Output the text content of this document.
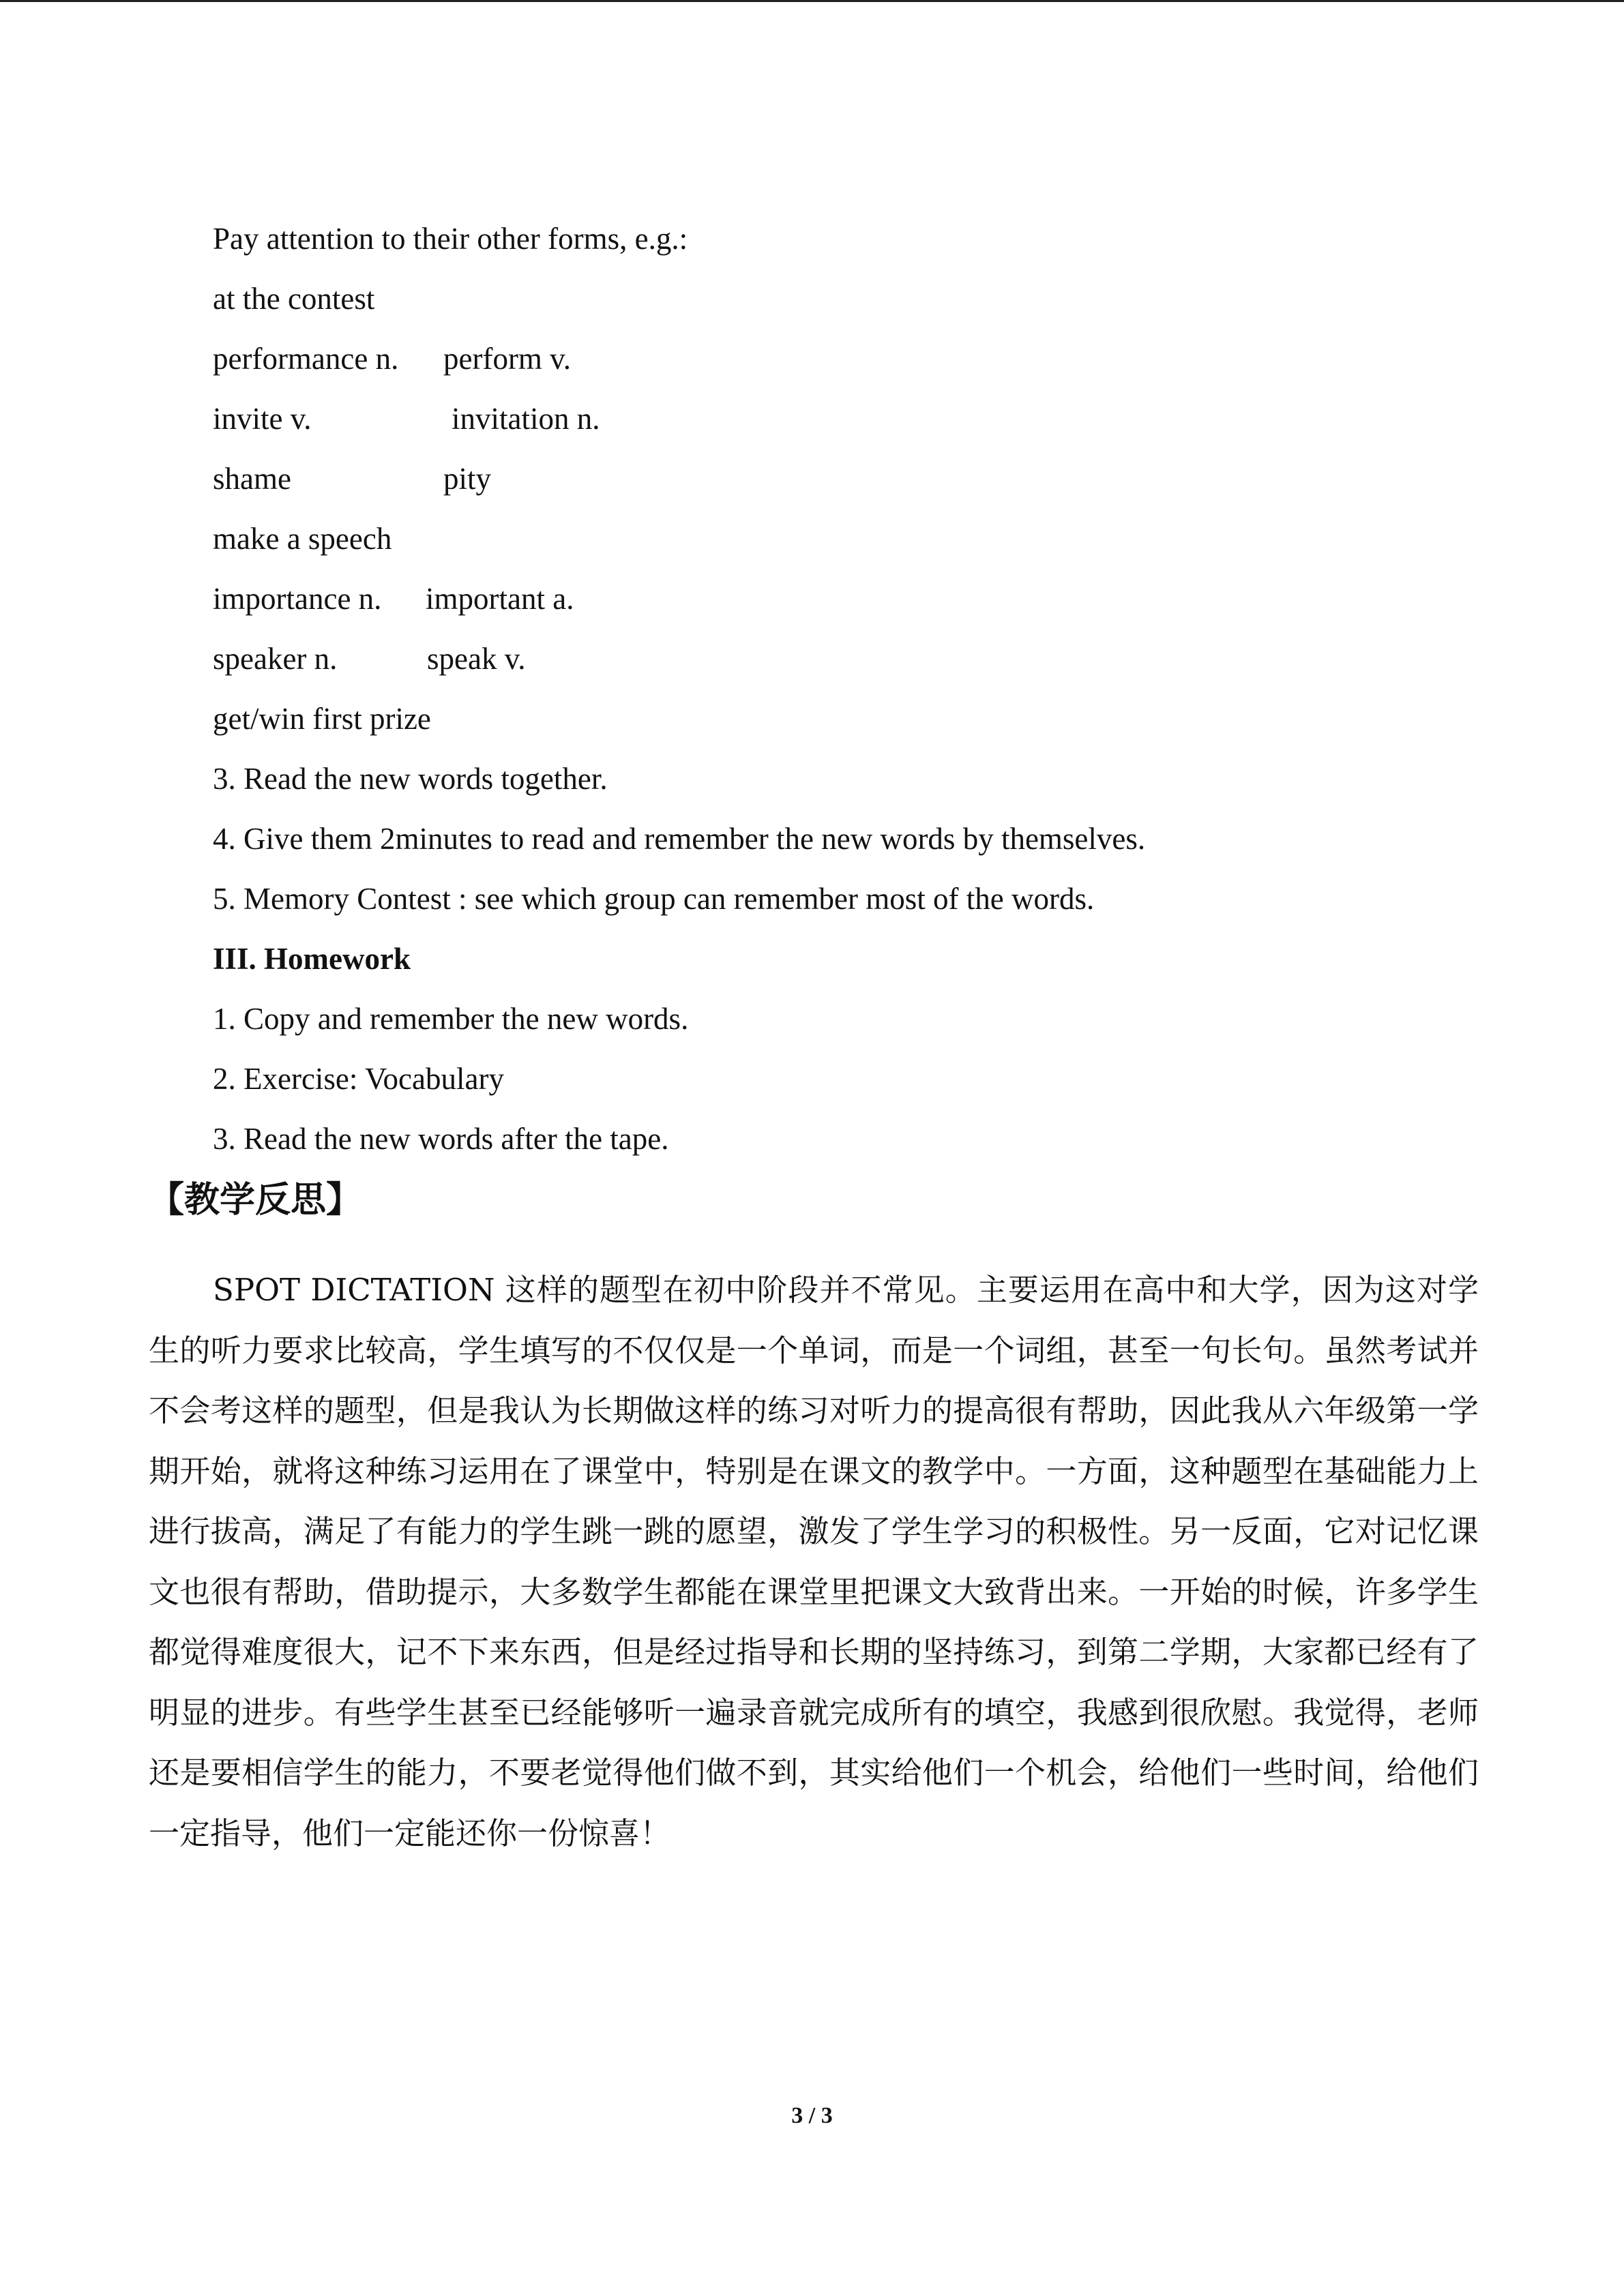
Pay attention to their other forms, e.g.:
at the contest
performance n. perform v.
invite v.	invitation n.
shame	pity
make a speech
importance n. important a.
speaker n.	speak v.
get/win first prize
3. Read the new words together.
4. Give them 2minutes to read and remember the new words by themselves.
5. Memory Contest : see which group can remember most of the words.
III. Homework
1. Copy and remember the new words.
2. Exercise: Vocabulary
3. Read the new words after the tape.
【教学反思】

SPOT DICTATION 这样的题型在初中阶段并不常见。主要运用在高中和大学，因为这对学生的听力要求比较高，学生填写的不仅仅是一个单词，而是一个词组，甚至一句长句。虽然考试并不会考这样的题型，但是我认为长期做这样的练习对听力的提高很有帮助，因此我从六年级第一学期开始，就将这种练习运用在了课堂中，特别是在课文的教学中。一方面，这种题型在基础能力上进行拔高，满足了有能力的学生跳一跳的愿望，激发了学生学习的积极性。另一反面，它对记忆课文也很有帮助，借助提示，大多数学生都能在课堂里把课文大致背出来。一开始的时候，许多学生都觉得难度很大，记不下来东西，但是经过指导和长期的坚持练习，到第二学期，大家都已经有了明显的进步。有些学生甚至已经能够听一遍录音就完成所有的填空，我感到很欣慰。我觉得，老师还是要相信学生的能力，不要老觉得他们做不到，其实给他们一个机会，给他们一些时间，给他们一定指导，他们一定能还你一份惊喜！

3 / 3
